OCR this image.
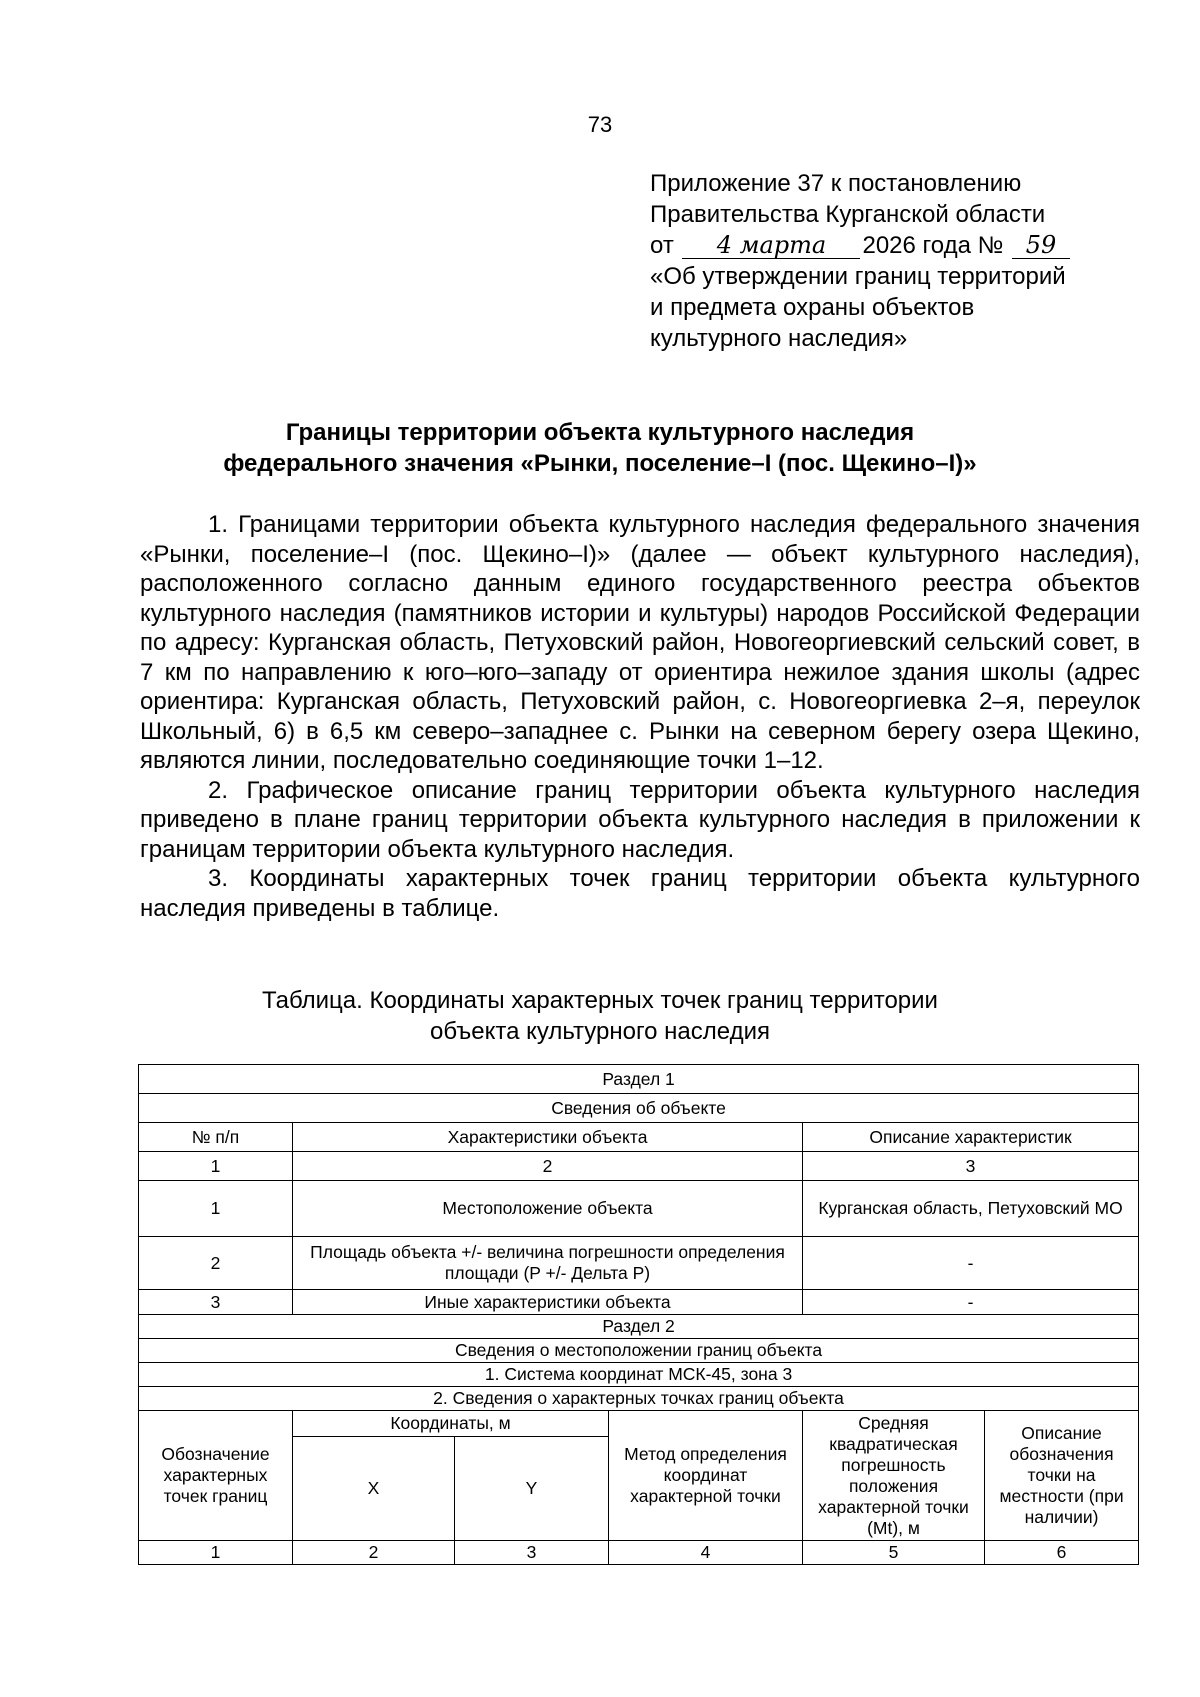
73
Приложение 37 к постановлению
Правительства Курганской области
от 4 марта 2026 года № 59
«Об утверждении границ территорий
и предмета охраны объектов
культурного наследия»
Границы территории объекта культурного наследия
федерального значения «Рынки, поселение–I (пос. Щекино–I)»

1. Границами территории объекта культурного наследия федерального значения «Рынки, поселение–I (пос. Щекино–I)» (далее — объект культурного наследия), расположенного согласно данным единого государственного реестра объектов культурного наследия (памятников истории и культуры) народов Российской Федерации по адресу: Курганская область, Петуховский район, Новогеоргиевский сельский совет, в 7 км по направлению к юго–юго–западу от ориентира нежилое здания школы (адрес ориентира: Курганская область, Петуховский район, с. Новогеоргиевка 2–я, переулок Школьный, 6) в 6,5 км северо–западнее с. Рынки на северном берегу озера Щекино, являются линии, последовательно соединяющие точки 1–12.

2. Графическое описание границ территории объекта культурного наследия приведено в плане границ территории объекта культурного наследия в приложении к границам территории объекта культурного наследия.

3. Координаты характерных точек границ территории объекта культурного наследия приведены в таблице.

Таблица. Координаты характерных точек границ территории
объекта культурного наследия
Раздел 1					
Сведения об объекте					
№ п/п	Характеристики объекта			Описание характеристик	
1	2			3	
1	Местоположение объекта			Курганская область, Петуховский МО	
2	Площадь объекта +/- величина погрешности определения площади (P +/- Дельта P)			-	
3	Иные характеристики объекта			-	
Раздел 2					
Сведения о местоположении границ объекта					
1. Система координат МСК-45, зона 3					
2. Сведения о характерных точках границ объекта					
Обозначение характерных точек границ	Координаты, м		Метод определения координат характерной точки	Средняя квадратическая погрешность положения характерной точки (Mt), м	Описание обозначения точки на местности (при наличии)
	X	Y			
1	2	3	4	5	6
